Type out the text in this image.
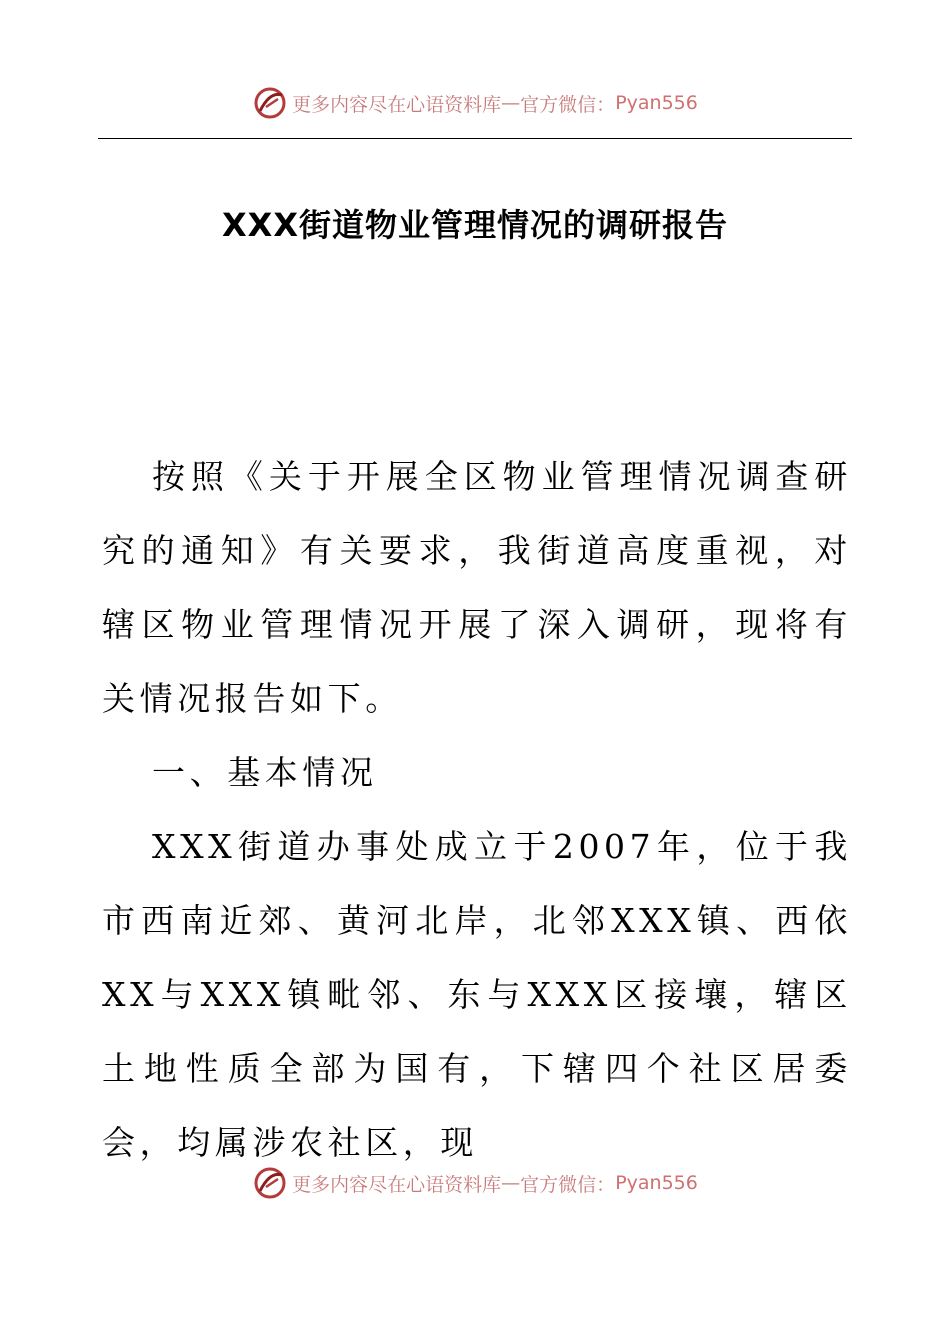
更多内容尽在心语资料库 — 官方微信： Pyan556
XXX街道物业管理情况的调研报告

按照《关于开展全区物业管理情况调查研究的通知》有关要求，我街道高度重视，对辖区物业管理情况开展了深入调研，现将有关情况报告如下。

一、基本情况

XXX街道办事处成立于2007年，位于我市西南近郊、黄河北岸，北邻XXX镇、西依XX与XXX镇毗邻、东与XXX区接壤，辖区土地性质全部为国有，下辖四个社区居委会，均属涉农社区，现

更多内容尽在心语资料库 — 官方微信： Pyan556
